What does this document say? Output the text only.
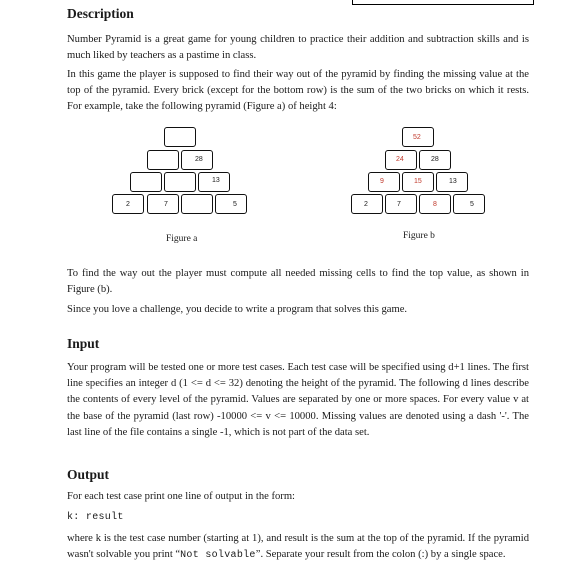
Description
Number Pyramid is a great game for young children to practice their addition and subtraction skills and is much liked by teachers as a pastime in class.
In this game the player is supposed to find their way out of the pyramid by finding the missing value at the top of the pyramid. Every brick (except for the bottom row) is the sum of the two bricks on which it rests. For example, take the following pyramid (Figure a) of height 4:
28
13
2	7	5
Figure a
52
24	28
9	15	13
2	7	8	5
Figure b
To find the way out the player must compute all needed missing cells to find the top value, as shown in Figure (b).
Since you love a challenge, you decide to write a program that solves this game.
Input
Your program will be tested one or more test cases. Each test case will be specified using d+1 lines. The first line specifies an integer d (1 <= d <= 32) denoting the height of the pyramid. The following d lines describe the contents of every level of the pyramid. Values are separated by one or more spaces. For every value v at the base of the pyramid (last row) -10000 <= v <= 10000. Missing values are denoted using a dash '-'. The last line of the file contains a single -1, which is not part of the data set.
Output
For each test case print one line of output in the form:
k: result
where k is the test case number (starting at 1), and result is the sum at the top of the pyramid. If the pyramid wasn't solvable you print “Not solvable”. Separate your result from the colon (:) by a single space.
